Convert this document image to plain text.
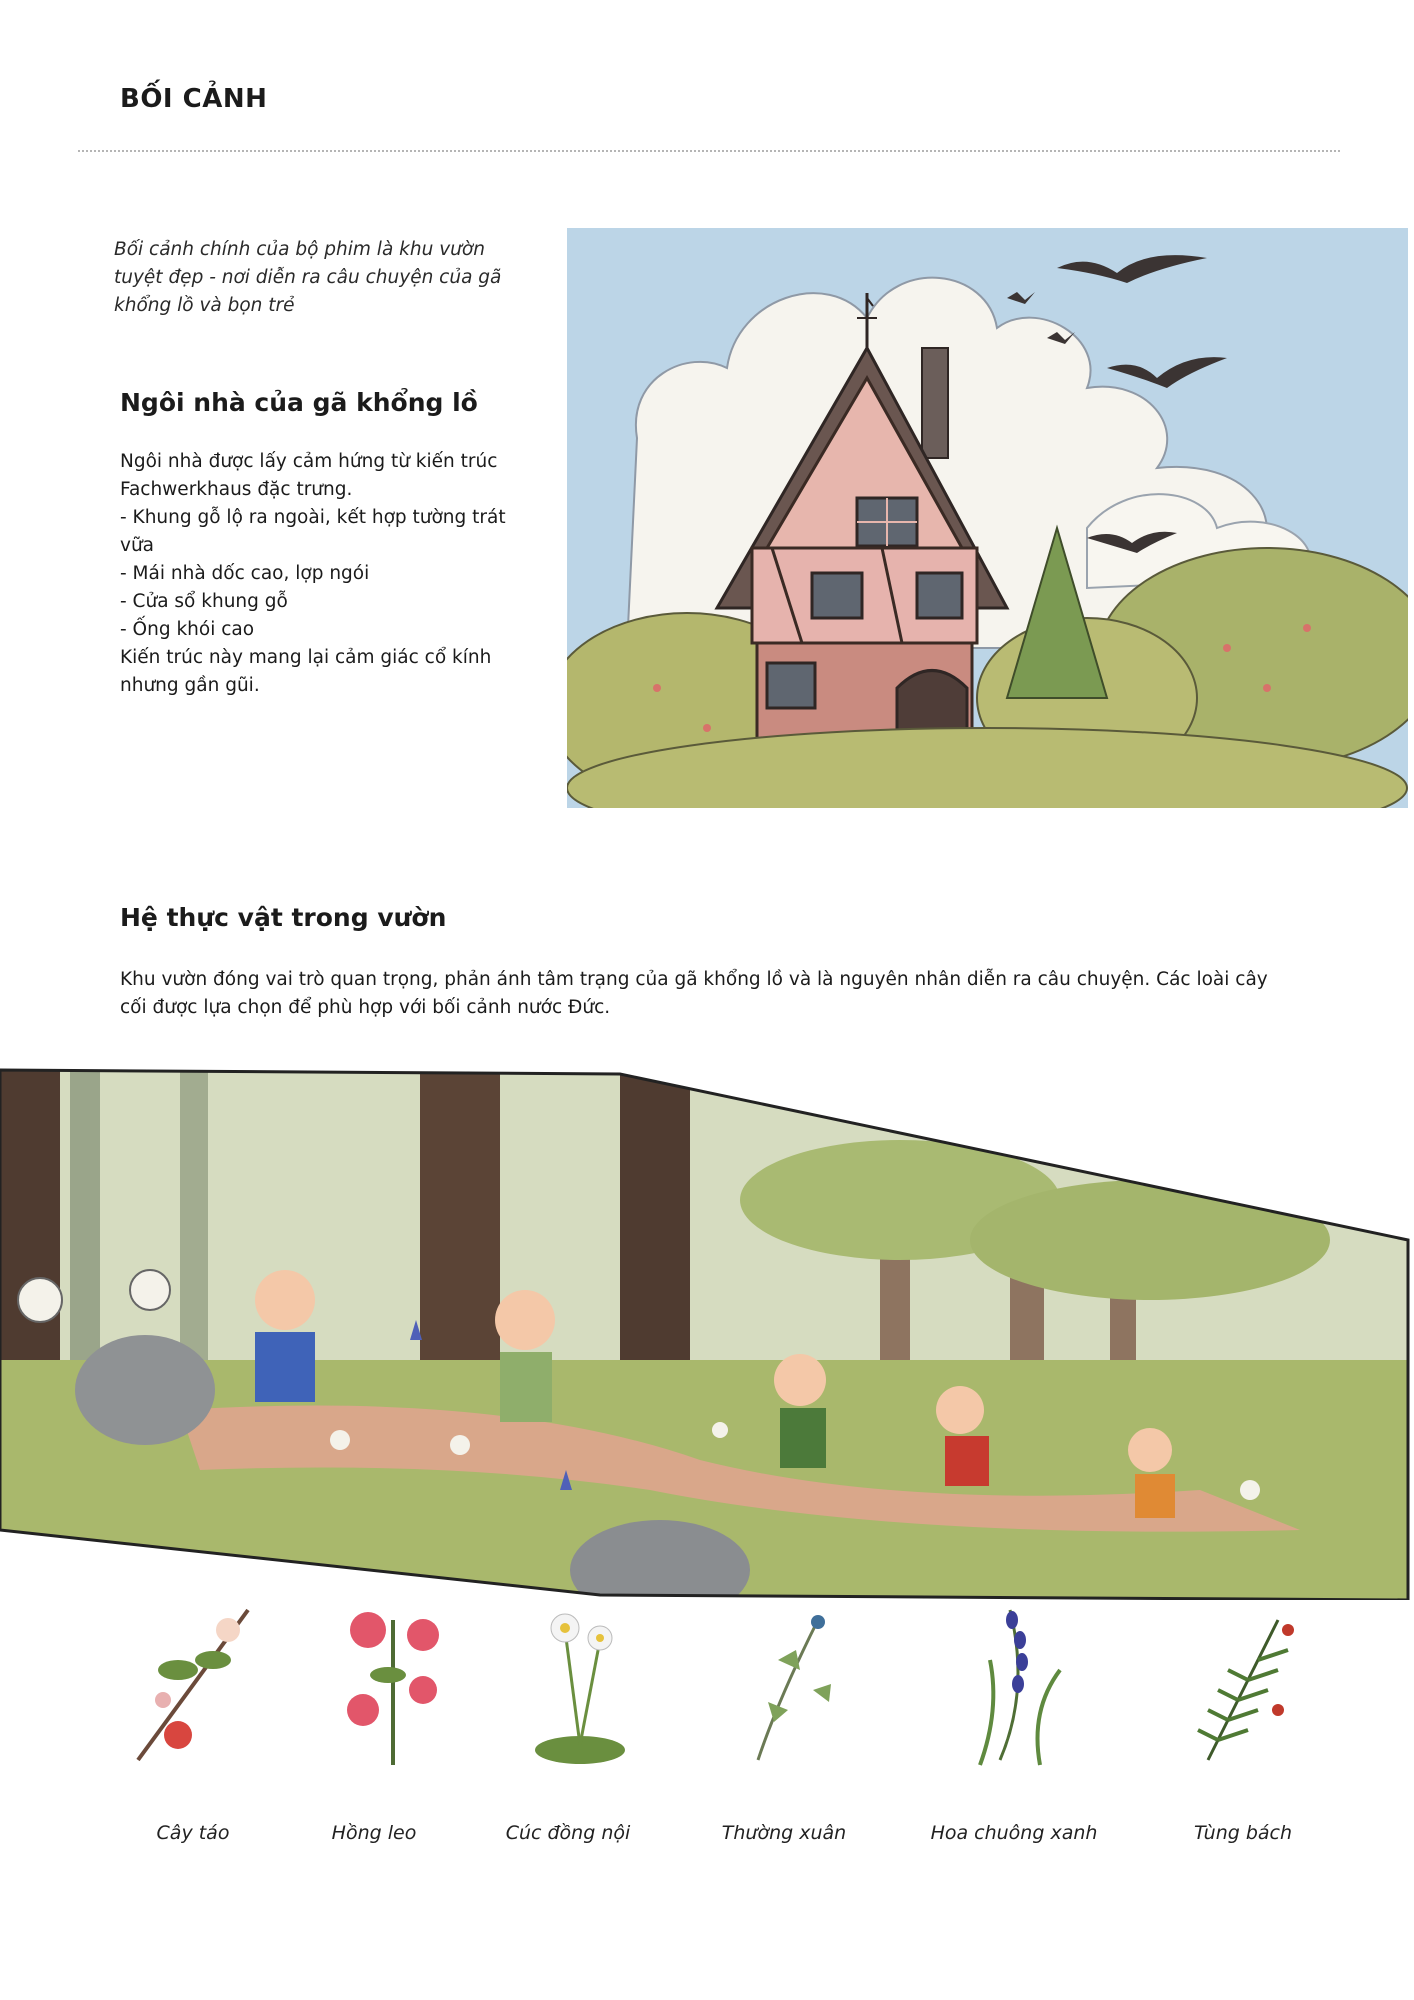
BỐI CẢNH
Bối cảnh chính của bộ phim là khu vườn tuyệt đẹp - nơi diễn ra câu chuyện của gã khổng lồ và bọn trẻ
Ngôi nhà của gã khổng lồ
Ngôi nhà được lấy cảm hứng từ kiến trúc Fachwerkhaus đặc trưng.
- Khung gỗ lộ ra ngoài, kết hợp tường trát vữa
- Mái nhà dốc cao, lợp ngói
- Cửa sổ khung gỗ
- Ống khói cao
Kiến trúc này mang lại cảm giác cổ kính nhưng gần gũi.
Hệ thực vật trong vườn
Khu vườn đóng vai trò quan trọng, phản ánh tâm trạng của gã khổng lồ và là nguyên nhân diễn ra câu chuyện. Các loài cây cối được lựa chọn để phù hợp với bối cảnh nước Đức.
Cây táo	Hồng leo	Cúc đồng nội	Thường xuân	Hoa chuông xanh	Tùng bách
